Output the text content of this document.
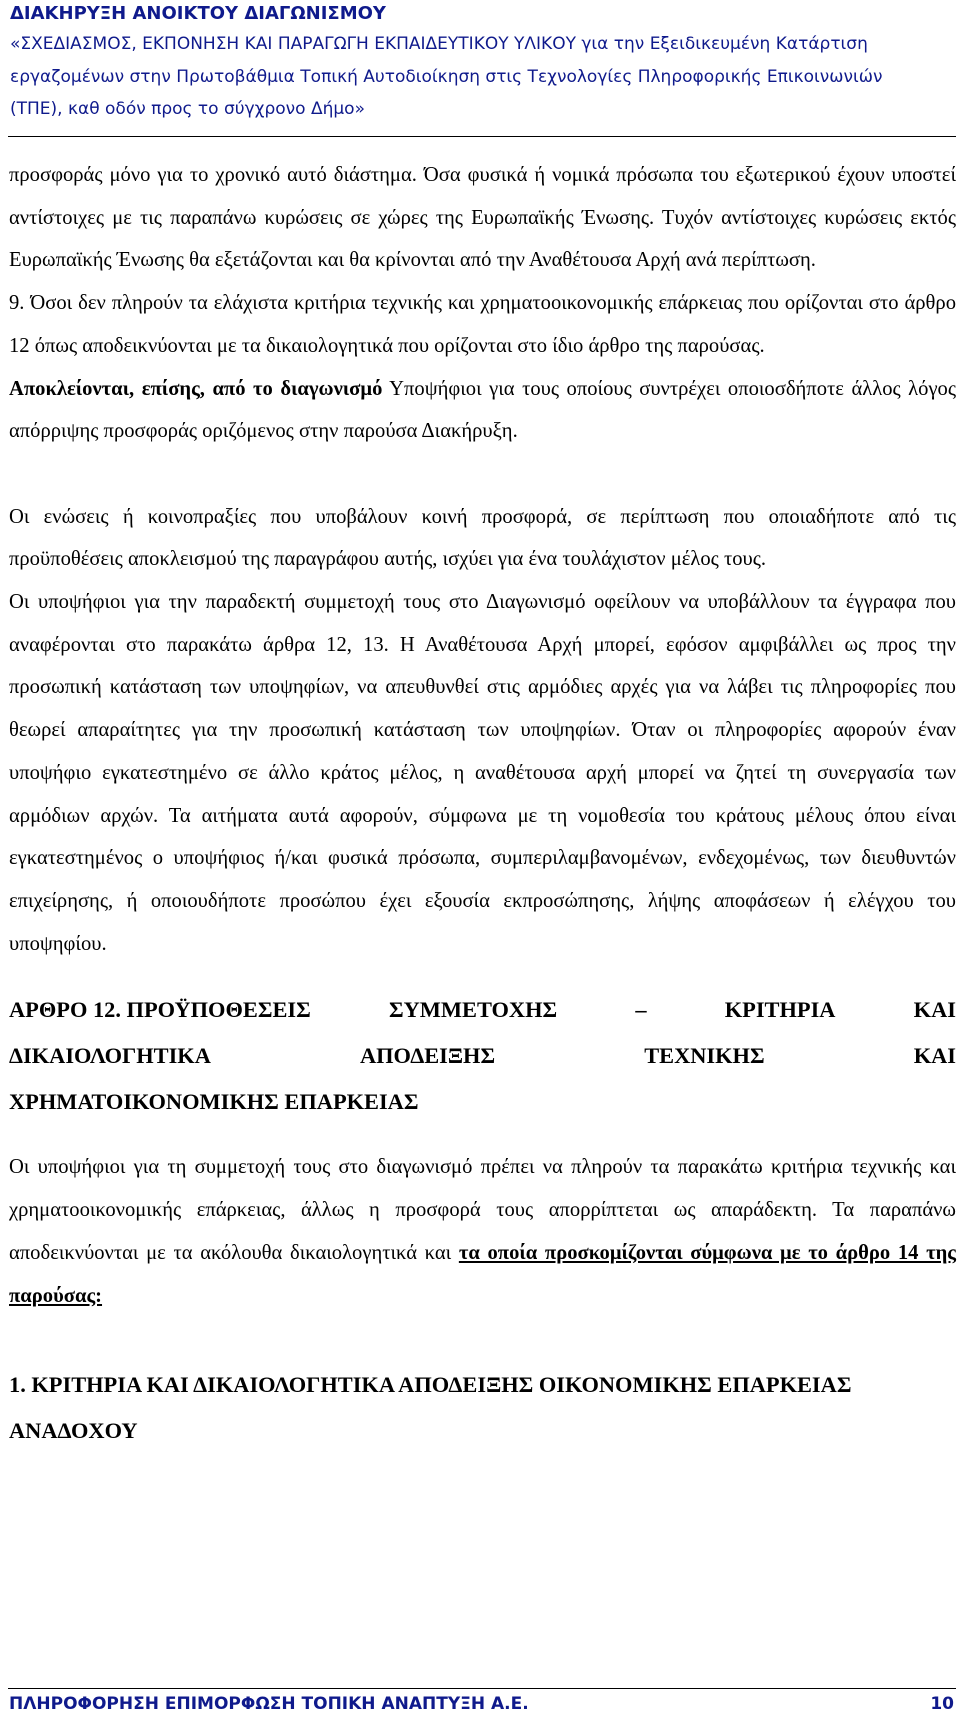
ΔΙΑΚΗΡΥΞΗ ΑΝΟΙΚΤΟΥ ΔΙΑΓΩΝΙΣΜΟΥ
«ΣΧΕΔΙΑΣΜΟΣ, ΕΚΠΟΝΗΣΗ ΚΑΙ ΠΑΡΑΓΩΓΗ ΕΚΠΑΙΔΕΥΤΙΚΟΥ ΥΛΙΚΟΥ για την Εξειδικευμένη Κατάρτιση
εργαζομένων στην Πρωτοβάθμια Τοπική Αυτοδιοίκηση στις Τεχνολογίες Πληροφορικής Επικοινωνιών
(ΤΠΕ), καθ οδόν προς το σύγχρονο Δήμο»

προσφοράς μόνο για το χρονικό αυτό διάστημα. Όσα φυσικά ή νομικά πρόσωπα του εξωτερικού έχουν υποστεί αντίστοιχες με τις παραπάνω κυρώσεις σε χώρες της Ευρωπαϊκής Ένωσης. Τυχόν αντίστοιχες κυρώσεις εκτός Ευρωπαϊκής Ένωσης θα εξετάζονται και θα κρίνονται από την Αναθέτουσα Αρχή ανά περίπτωση.

9. Όσοι δεν πληρούν τα ελάχιστα κριτήρια τεχνικής και χρηματοοικονομικής επάρκειας που ορίζονται στο άρθρο 12 όπως αποδεικνύονται με τα δικαιολογητικά που ορίζονται στο ίδιο άρθρο της παρούσας.

Αποκλείονται, επίσης, από το διαγωνισμό Υποψήφιοι για τους οποίους συντρέχει οποιοσδήποτε άλλος λόγος απόρριψης προσφοράς οριζόμενος στην παρούσα Διακήρυξη.

Οι ενώσεις ή κοινοπραξίες που υποβάλουν κοινή προσφορά, σε περίπτωση που οποιαδήποτε από τις προϋποθέσεις αποκλεισμού της παραγράφου αυτής, ισχύει για ένα τουλάχιστον μέλος τους.

Οι υποψήφιοι για την παραδεκτή συμμετοχή τους στο Διαγωνισμό οφείλουν να υποβάλλουν τα έγγραφα που αναφέρονται στο παρακάτω άρθρα 12, 13. Η Αναθέτουσα Αρχή μπορεί, εφόσον αμφιβάλλει ως προς την προσωπική κατάσταση των υποψηφίων, να απευθυνθεί στις αρμόδιες αρχές για να λάβει τις πληροφορίες που θεωρεί απαραίτητες για την προσωπική κατάσταση των υποψηφίων. Όταν οι πληροφορίες αφορούν έναν υποψήφιο εγκατεστημένο σε άλλο κράτος μέλος, η αναθέτουσα αρχή μπορεί να ζητεί τη συνεργασία των αρμόδιων αρχών. Τα αιτήματα αυτά αφορούν, σύμφωνα με τη νομοθεσία του κράτους μέλους όπου είναι εγκατεστημένος ο υποψήφιος ή/και φυσικά πρόσωπα, συμπεριλαμβανομένων, ενδεχομένως, των διευθυντών επιχείρησης, ή οποιουδήποτε προσώπου έχει εξουσία εκπροσώπησης, λήψης αποφάσεων ή ελέγχου του υποψηφίου.

ΑΡΘΡΟ 12. ΠΡΟΫΠΟΘΕΣΕΙΣ	ΣΥΜΜΕΤΟΧΗΣ	–	ΚΡΙΤΗΡΙΑ	ΚΑΙ
ΔΙΚΑΙΟΛΟΓΗΤΙΚΑ	ΑΠΟΔΕΙΞΗΣ	ΤΕΧΝΙΚΗΣ	ΚΑΙ
ΧΡΗΜΑΤΟΙΚΟΝΟΜΙΚΗΣ ΕΠΑΡΚΕΙΑΣ

Οι υποψήφιοι για τη συμμετοχή τους στο διαγωνισμό πρέπει να πληρούν τα παρακάτω κριτήρια τεχνικής και χρηματοοικονομικής επάρκειας, άλλως η προσφορά τους απορρίπτεται ως απαράδεκτη. Τα παραπάνω αποδεικνύονται με τα ακόλουθα δικαιολογητικά και τα οποία προσκομίζονται σύμφωνα με το άρθρο 14 της παρούσας:

1. ΚΡΙΤΗΡΙΑ ΚΑΙ ΔΙΚΑΙΟΛΟΓΗΤΙΚΑ ΑΠΟΔΕΙΞΗΣ ΟΙΚΟΝΟΜΙΚΗΣ ΕΠΑΡΚΕΙΑΣ ΑΝΑΔΟΧΟΥ
ΠΛΗΡΟΦΟΡΗΣΗ ΕΠΙΜΟΡΦΩΣΗ ΤΟΠΙΚΗ ΑΝΑΠΤΥΞΗ Α.Ε.	10
